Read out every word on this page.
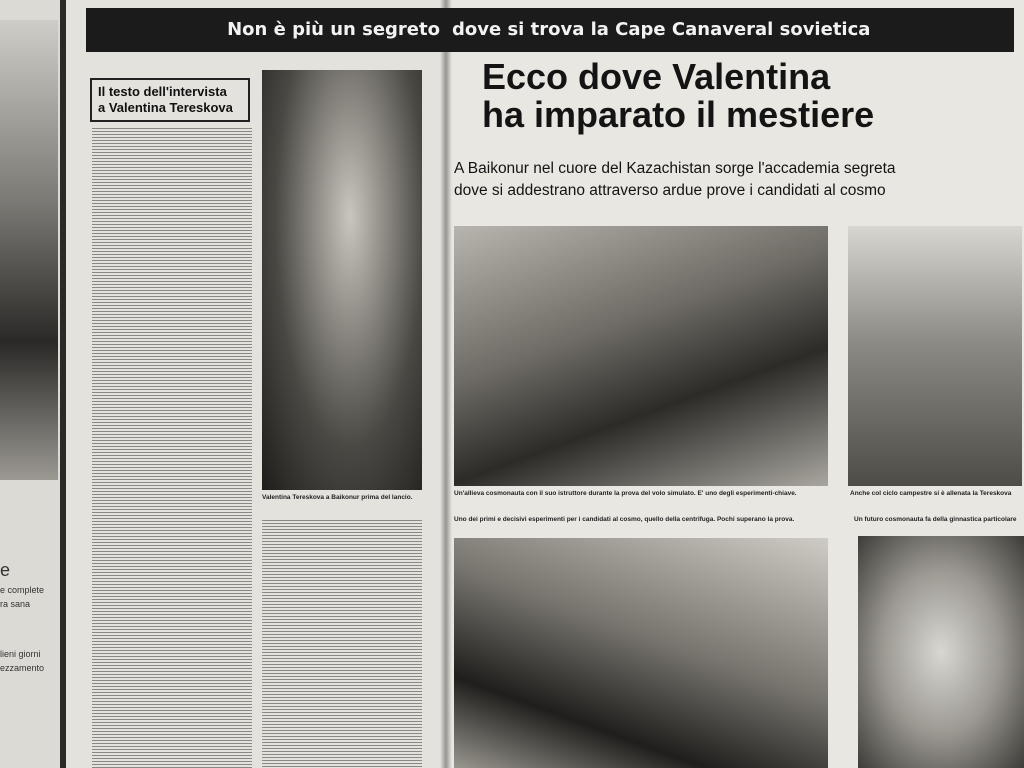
e
e complete
ra sana
lieni giorni
ezzamento
Non è più un segreto dove si trova la Cape Canaveral sovietica
Il testo dell'intervista
a Valentina Tereskova
Valentina Tereskova a Baikonur prima del lancio.
Ecco dove Valentina
ha imparato il mestiere
A Baikonur nel cuore del Kazachistan sorge l'accademia segreta
dove si addestrano attraverso ardue prove i candidati al cosmo
Un'allieva cosmonauta con il suo istruttore durante la prova del volo simulato. E' uno degli esperimenti-chiave.	Anche col ciclo campestre si è allenata la Tereskova
Uno dei primi e decisivi esperimenti per i candidati al cosmo, quello della centrifuga. Pochi superano la prova.	Un futuro cosmonauta fa della ginnastica particolare
